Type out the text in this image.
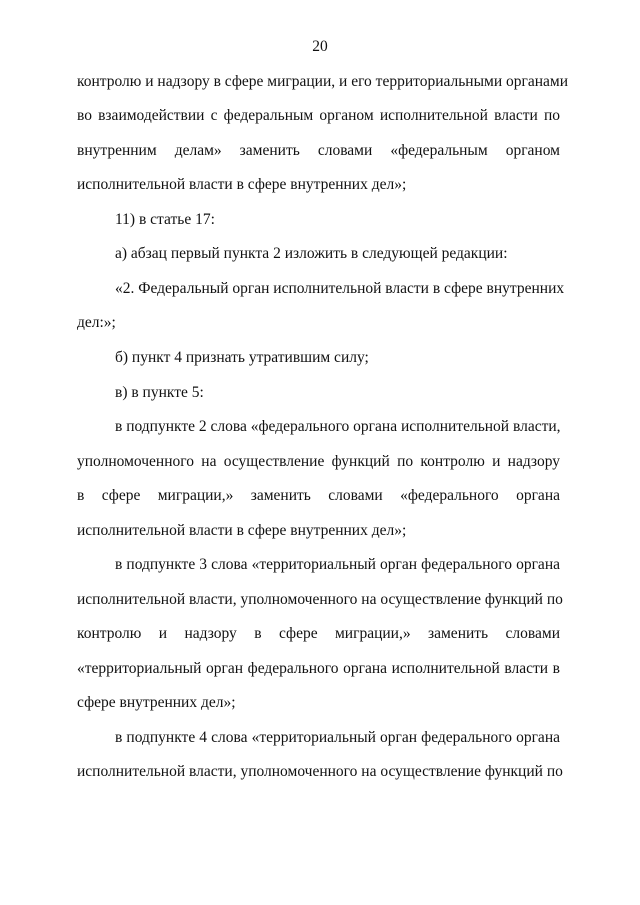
20
контролю и надзору в сфере миграции, и его территориальными органами
во взаимодействии с федеральным органом исполнительной власти по
внутренним делам» заменить словами «федеральным органом
исполнительной власти в сфере внутренних дел»;
11) в статье 17:
а) абзац первый пункта 2 изложить в следующей редакции:
«2. Федеральный орган исполнительной власти в сфере внутренних
дел:»;
б) пункт 4 признать утратившим силу;
в) в пункте 5:
в подпункте 2 слова «федерального органа исполнительной власти,
уполномоченного на осуществление функций по контролю и надзору
в сфере миграции,» заменить словами «федерального органа
исполнительной власти в сфере внутренних дел»;
в подпункте 3 слова «территориальный орган федерального органа
исполнительной власти, уполномоченного на осуществление функций по
контролю и надзору в сфере миграции,» заменить словами
«территориальный орган федерального органа исполнительной власти в
сфере внутренних дел»;
в подпункте 4 слова «территориальный орган федерального органа
исполнительной власти, уполномоченного на осуществление функций по
